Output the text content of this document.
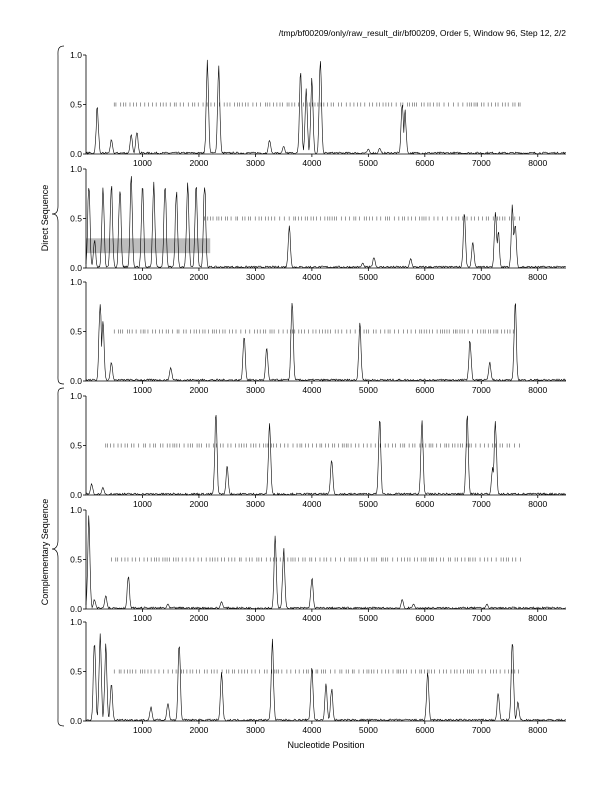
/tmp/bf00209/only/raw_result_dir/bf00209, Order 5, Window 96, Step 12, 2/2
0.0
0.5
1.0
1000	2000	3000	4000	5000	6000	7000	8000
0.0
0.5
1.0
1000	2000	3000	4000	5000	6000	7000	8000
0.0
0.5
1.0
1000	2000	3000	4000	5000	6000	7000	8000
0.0
0.5
1.0
1000	2000	3000	4000	5000	6000	7000	8000
0.0
0.5
1.0
1000	2000	3000	4000	5000	6000	7000	8000
0.0
0.5
1.0
1000	2000	3000	4000	5000	6000	7000	8000
Nucleotide Position
Direct Sequence
Complementary Sequence
